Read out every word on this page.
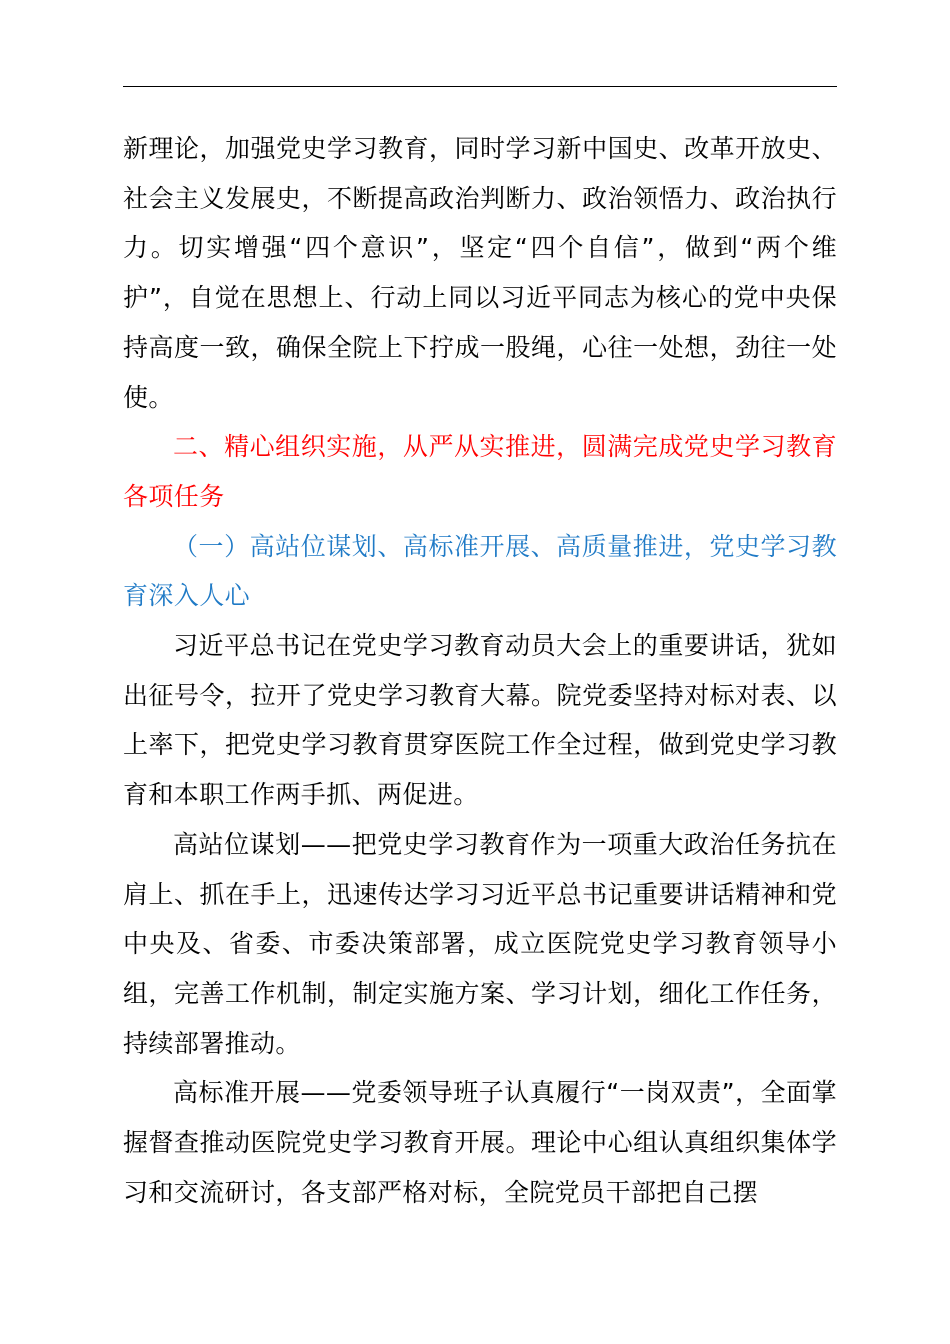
新理论，加强党史学习教育，同时学习新中国史、改革开放史、社会主义发展史，不断提高政治判断力、政治领悟力、政治执行力。切实增强“四个意识”，坚定“四个自信”，做到“两个维护”，自觉在思想上、行动上同以习近平同志为核心的党中央保持高度一致，确保全院上下拧成一股绳，心往一处想，劲往一处使。

二、精心组织实施，从严从实推进，圆满完成党史学习教育各项任务

（一）高站位谋划、高标准开展、高质量推进，党史学习教育深入人心

习近平总书记在党史学习教育动员大会上的重要讲话，犹如出征号令，拉开了党史学习教育大幕。院党委坚持对标对表、以上率下，把党史学习教育贯穿医院工作全过程，做到党史学习教育和本职工作两手抓、两促进。

高站位谋划——把党史学习教育作为一项重大政治任务抗在肩上、抓在手上，迅速传达学习习近平总书记重要讲话精神和党中央及、省委、市委决策部署，成立医院党史学习教育领导小组，完善工作机制，制定实施方案、学习计划，细化工作任务，持续部署推动。

高标准开展——党委领导班子认真履行“一岗双责”，全面掌握督查推动医院党史学习教育开展。理论中心组认真组织集体学习和交流研讨，各支部严格对标，全院党员干部把自己摆
